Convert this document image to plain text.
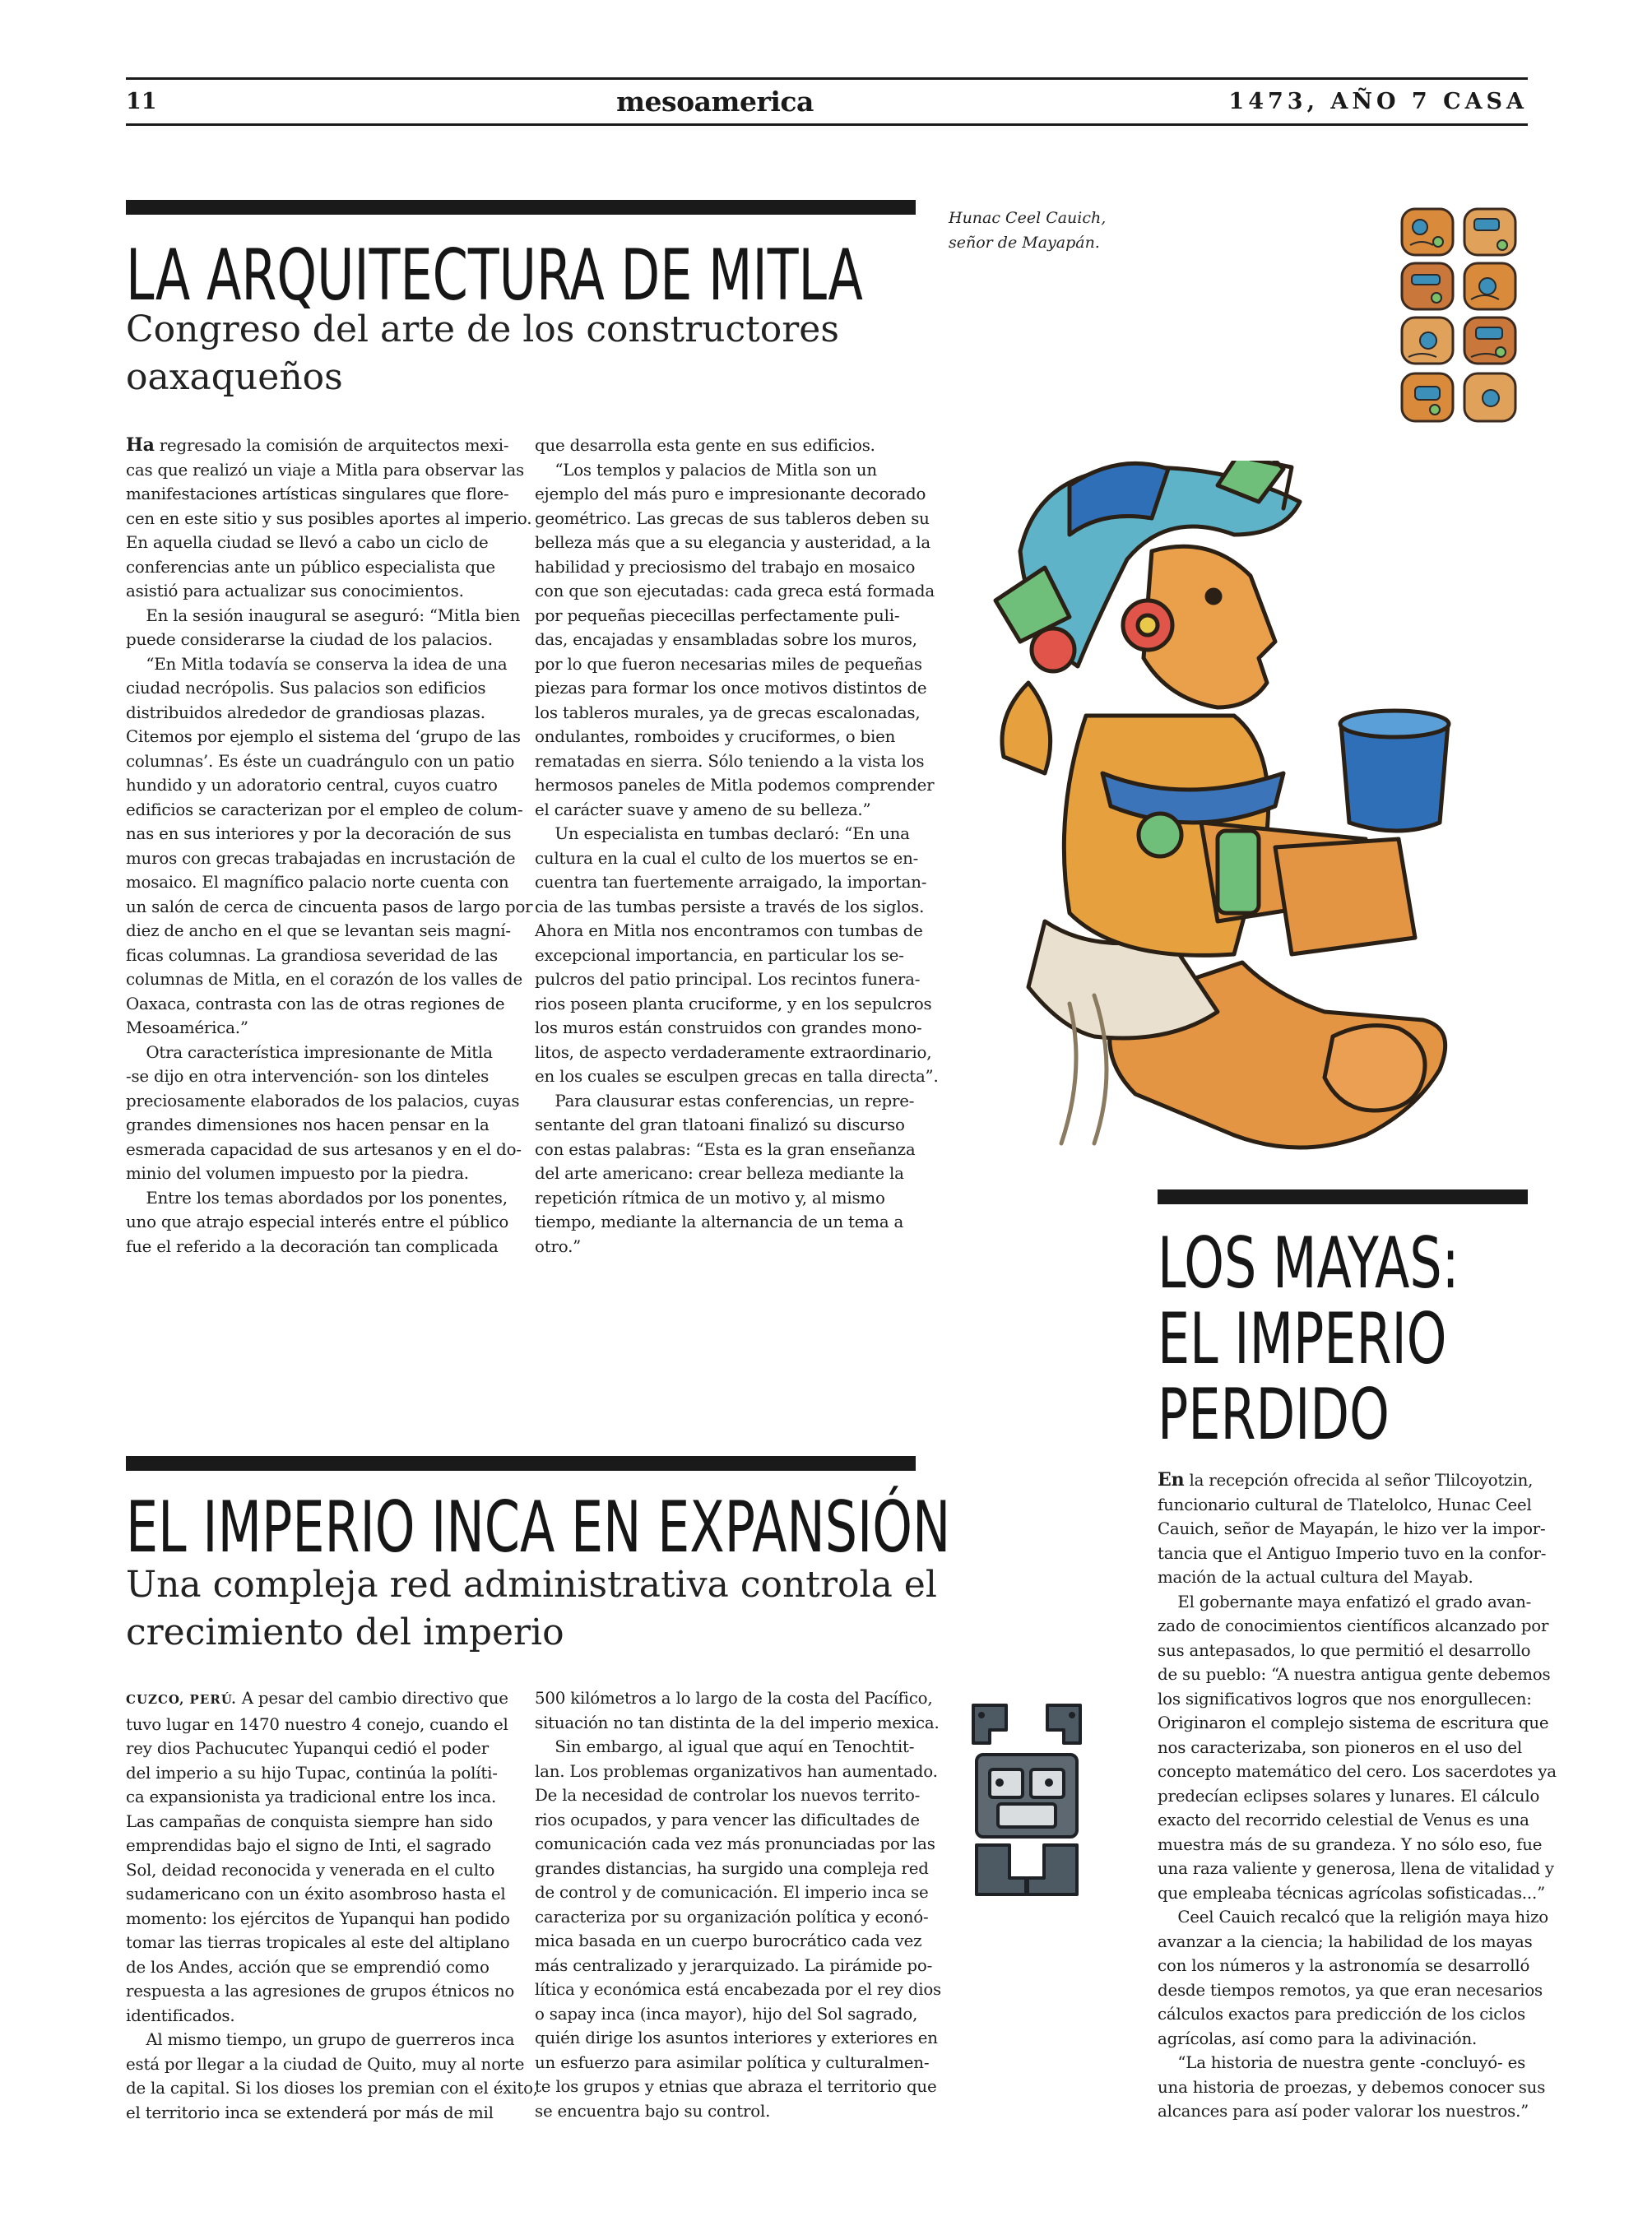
11	mesoamerica	1473, AÑO 7 CASA
LA ARQUITECTURA DE MITLA
Congreso del arte de los constructores
oaxaqueños

Ha regresado la comisión de arquitectos mexi-

cas que realizó un viaje a Mitla para observar las

manifestaciones artísticas singulares que flore-

cen en este sitio y sus posibles aportes al imperio.

En aquella ciudad se llevó a cabo un ciclo de

conferencias ante un público especialista que

asistió para actualizar sus conocimientos.

En la sesión inaugural se aseguró: “Mitla bien

puede considerarse la ciudad de los palacios.

“En Mitla todavía se conserva la idea de una

ciudad necrópolis. Sus palacios son edificios

distribuidos alrededor de grandiosas plazas.

Citemos por ejemplo el sistema del ‘grupo de las

columnas’. Es éste un cuadrángulo con un patio

hundido y un adoratorio central, cuyos cuatro

edificios se caracterizan por el empleo de colum-

nas en sus interiores y por la decoración de sus

muros con grecas trabajadas en incrustación de

mosaico. El magnífico palacio norte cuenta con

un salón de cerca de cincuenta pasos de largo por

diez de ancho en el que se levantan seis magní-

ficas columnas. La grandiosa severidad de las

columnas de Mitla, en el corazón de los valles de

Oaxaca, contrasta con las de otras regiones de

Mesoamérica.”

Otra característica impresionante de Mitla

-se dijo en otra intervención- son los dinteles

preciosamente elaborados de los palacios, cuyas

grandes dimensiones nos hacen pensar en la

esmerada capacidad de sus artesanos y en el do-

minio del volumen impuesto por la piedra.

Entre los temas abordados por los ponentes,

uno que atrajo especial interés entre el público

fue el referido a la decoración tan complicada

que desarrolla esta gente en sus edificios.

“Los templos y palacios de Mitla son un

ejemplo del más puro e impresionante decorado

geométrico. Las grecas de sus tableros deben su

belleza más que a su elegancia y austeridad, a la

habilidad y preciosismo del trabajo en mosaico

con que son ejecutadas: cada greca está formada

por pequeñas piececillas perfectamente puli-

das, encajadas y ensambladas sobre los muros,

por lo que fueron necesarias miles de pequeñas

piezas para formar los once motivos distintos de

los tableros murales, ya de grecas escalonadas,

ondulantes, romboides y cruciformes, o bien

rematadas en sierra. Sólo teniendo a la vista los

hermosos paneles de Mitla podemos comprender

el carácter suave y ameno de su belleza.”

Un especialista en tumbas declaró: “En una

cultura en la cual el culto de los muertos se en-

cuentra tan fuertemente arraigado, la importan-

cia de las tumbas persiste a través de los siglos.

Ahora en Mitla nos encontramos con tumbas de

excepcional importancia, en particular los se-

pulcros del patio principal. Los recintos funera-

rios poseen planta cruciforme, y en los sepulcros

los muros están construidos con grandes mono-

litos, de aspecto verdaderamente extraordinario,

en los cuales se esculpen grecas en talla directa”.

Para clausurar estas conferencias, un repre-

sentante del gran tlatoani finalizó su discurso

con estas palabras: “Esta es la gran enseñanza

del arte americano: crear belleza mediante la

repetición rítmica de un motivo y, al mismo

tiempo, mediante la alternancia de un tema a

otro.”

Hunac Ceel Cauich,
señor de Mayapán.
LOS MAYAS:
EL IMPERIO
PERDIDO

En la recepción ofrecida al señor Tlilcoyotzin,

funcionario cultural de Tlatelolco, Hunac Ceel

Cauich, señor de Mayapán, le hizo ver la impor-

tancia que el Antiguo Imperio tuvo en la confor-

mación de la actual cultura del Mayab.

El gobernante maya enfatizó el grado avan-

zado de conocimientos científicos alcanzado por

sus antepasados, lo que permitió el desarrollo

de su pueblo: “A nuestra antigua gente debemos

los significativos logros que nos enorgullecen:

Originaron el complejo sistema de escritura que

nos caracterizaba, son pioneros en el uso del

concepto matemático del cero. Los sacerdotes ya

predecían eclipses solares y lunares. El cálculo

exacto del recorrido celestial de Venus es una

muestra más de su grandeza. Y no sólo eso, fue

una raza valiente y generosa, llena de vitalidad y

que empleaba técnicas agrícolas sofisticadas...”

Ceel Cauich recalcó que la religión maya hizo

avanzar a la ciencia; la habilidad de los mayas

con los números y la astronomía se desarrolló

desde tiempos remotos, ya que eran necesarios

cálculos exactos para predicción de los ciclos

agrícolas, así como para la adivinación.

“La historia de nuestra gente -concluyó- es

una historia de proezas, y debemos conocer sus

alcances para así poder valorar los nuestros.”

EL IMPERIO INCA EN EXPANSIÓN
Una compleja red administrativa controla el
crecimiento del imperio

CUZCO, PERÚ. A pesar del cambio directivo que

tuvo lugar en 1470 nuestro 4 conejo, cuando el

rey dios Pachucutec Yupanqui cedió el poder

del imperio a su hijo Tupac, continúa la políti-

ca expansionista ya tradicional entre los inca.

Las campañas de conquista siempre han sido

emprendidas bajo el signo de Inti, el sagrado

Sol, deidad reconocida y venerada en el culto

sudamericano con un éxito asombroso hasta el

momento: los ejércitos de Yupanqui han podido

tomar las tierras tropicales al este del altiplano

de los Andes, acción que se emprendió como

respuesta a las agresiones de grupos étnicos no

identificados.

Al mismo tiempo, un grupo de guerreros inca

está por llegar a la ciudad de Quito, muy al norte

de la capital. Si los dioses los premian con el éxito,

el territorio inca se extenderá por más de mil

500 kilómetros a lo largo de la costa del Pacífico,

situación no tan distinta de la del imperio mexica.

Sin embargo, al igual que aquí en Tenochtit-

lan. Los problemas organizativos han aumentado.

De la necesidad de controlar los nuevos territo-

rios ocupados, y para vencer las dificultades de

comunicación cada vez más pronunciadas por las

grandes distancias, ha surgido una compleja red

de control y de comunicación. El imperio inca se

caracteriza por su organización política y econó-

mica basada en un cuerpo burocrático cada vez

más centralizado y jerarquizado. La pirámide po-

lítica y económica está encabezada por el rey dios

o sapay inca (inca mayor), hijo del Sol sagrado,

quién dirige los asuntos interiores y exteriores en

un esfuerzo para asimilar política y culturalmen-

te los grupos y etnias que abraza el territorio que

se encuentra bajo su control.
